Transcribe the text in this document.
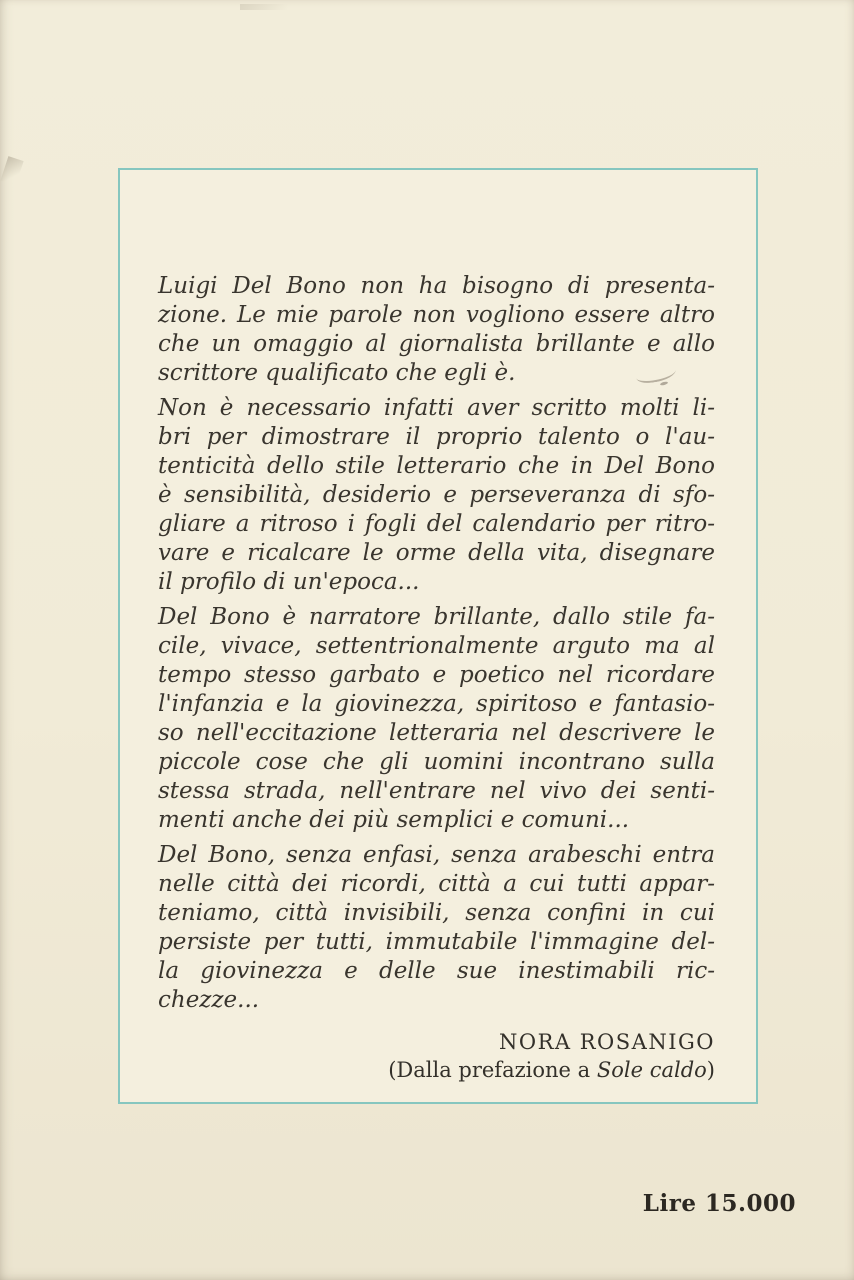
Luigi Del Bono non ha bisogno di presenta-
zione. Le mie parole non vogliono essere altro
che un omaggio al giornalista brillante e allo
scrittore qualificato che egli è.
Non è necessario infatti aver scritto molti li-
bri per dimostrare il proprio talento o l'au-
tenticità dello stile letterario che in Del Bono
è sensibilità, desiderio e perseveranza di sfo-
gliare a ritroso i fogli del calendario per ritro-
vare e ricalcare le orme della vita, disegnare
il profilo di un'epoca...
Del Bono è narratore brillante, dallo stile fa-
cile, vivace, settentrionalmente arguto ma al
tempo stesso garbato e poetico nel ricordare
l'infanzia e la giovinezza, spiritoso e fantasio-
so nell'eccitazione letteraria nel descrivere le
piccole cose che gli uomini incontrano sulla
stessa strada, nell'entrare nel vivo dei senti-
menti anche dei più semplici e comuni...
Del Bono, senza enfasi, senza arabeschi entra
nelle città dei ricordi, città a cui tutti appar-
teniamo, città invisibili, senza confini in cui
persiste per tutti, immutabile l'immagine del-
la giovinezza e delle sue inestimabili ric-
chezze...
NORA ROSANIGO
(Dalla prefazione a Sole caldo)
Lire 15.000
